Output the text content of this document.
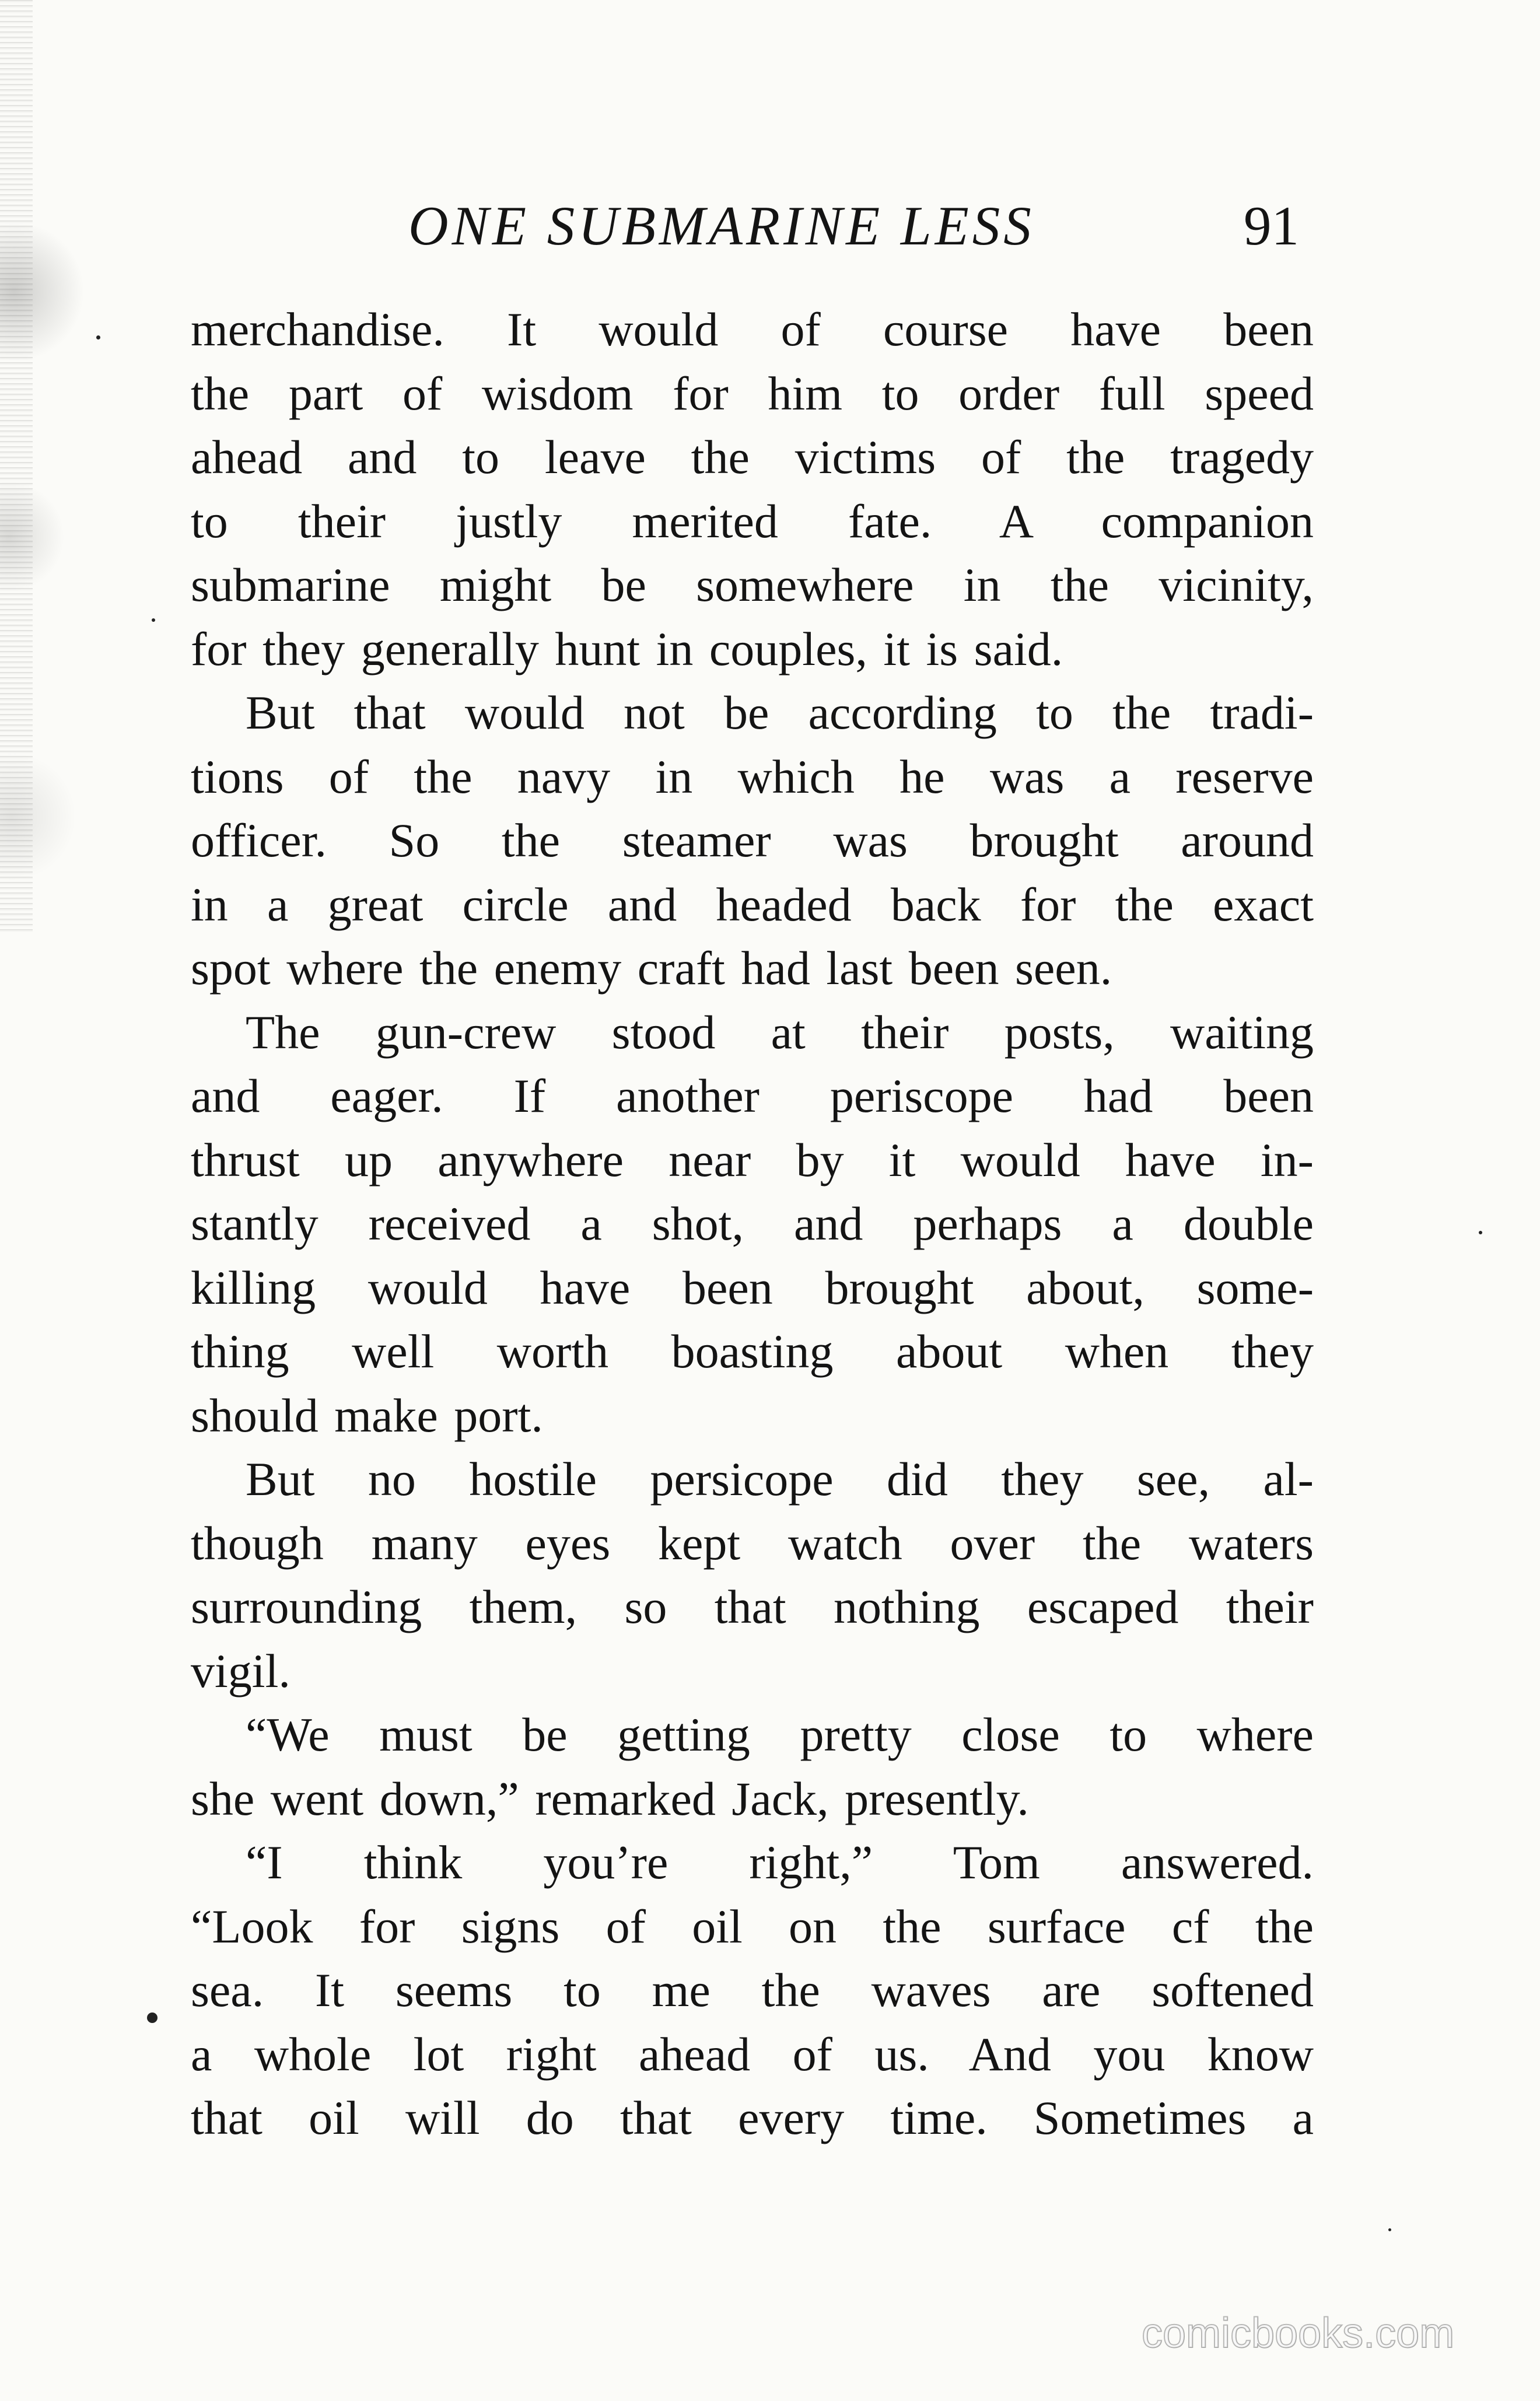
ONE SUBMARINE LESS	91
merchandise. It would of course have been
the part of wisdom for him to order full speed
ahead and to leave the victims of the tragedy
to their justly merited fate. A companion
submarine might be somewhere in the vicinity,
for they generally hunt in couples, it is said.
But that would not be according to the tradi-
tions of the navy in which he was a reserve
officer. So the steamer was brought around
in a great circle and headed back for the exact
spot where the enemy craft had last been seen.
The gun-crew stood at their posts, waiting
and eager. If another periscope had been
thrust up anywhere near by it would have in-
stantly received a shot, and perhaps a double
killing would have been brought about, some-
thing well worth boasting about when they
should make port.
But no hostile persicope did they see, al-
though many eyes kept watch over the waters
surrounding them, so that nothing escaped their
vigil.
“We must be getting pretty close to where
she went down,” remarked Jack, presently.
“I think you’re right,” Tom answered.
“Look for signs of oil on the surface cf the
sea. It seems to me the waves are softened
a whole lot right ahead of us. And you know
that oil will do that every time. Sometimes a
comicbooks.com
